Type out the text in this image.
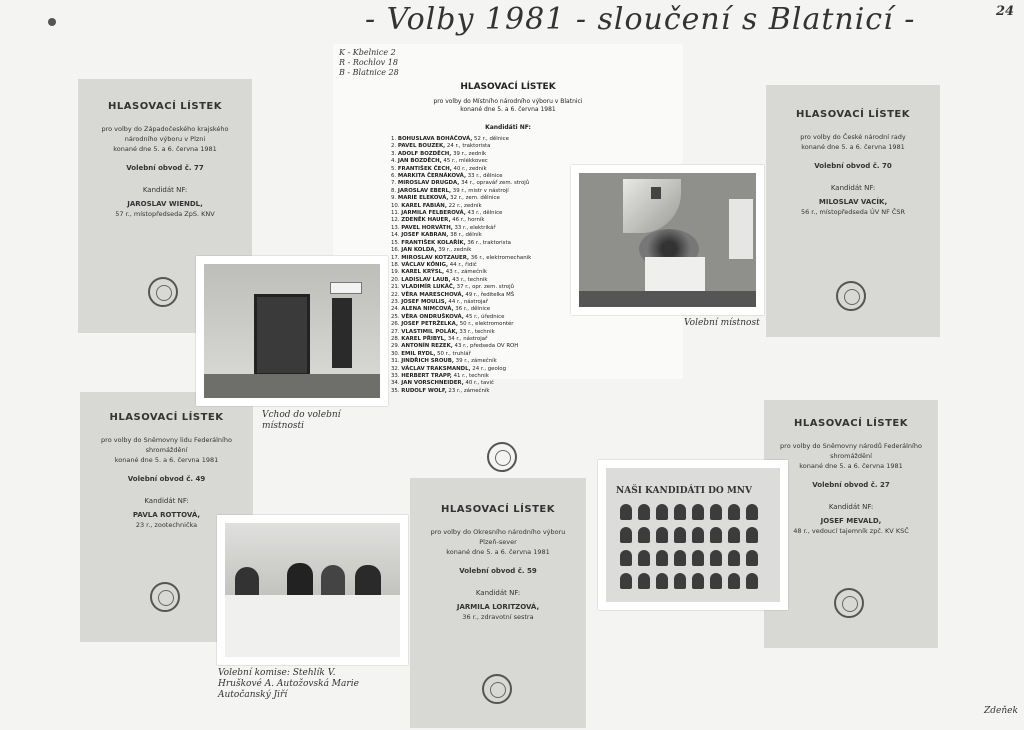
- Volby 1981 - sloučení s Blatnicí -	24
K - Kbelnice 2
R - Rochlov 18
B - Blatnice 28
HLASOVACÍ LÍSTEK
pro volby do Místního národního výboru v Blatnici
konané dne 5. a 6. června 1981
Kandidáti NF:
1. BOHUSLAVA BOHÁČOVÁ, 52 r., dělnice
2. PAVEL BOUZEK, 24 r., traktorista
3. ADOLF BOZDĚCH, 39 r., zedník
4. JAN BOZDĚCH, 45 r., mlékkovec
5. FRANTIŠEK ČECH, 40 r., zedník
6. MARKITA ČERNÁKOVÁ, 33 r., dělnice
7. MIROSLAV DRUGDA, 34 r., opravář zem. strojů
8. JAROSLAV EBERL, 39 r., mistr v nástrojí
9. MARIE ELEKOVÁ, 32 r., zem. dělnice
10. KAREL FABIÁN, 22 r., zedník
11. JARMILA FELBEROVÁ, 43 r., dělnice
12. ZDENĚK HAUER, 46 r., horník
13. PAVEL HORVÁTH, 33 r., elektrikář
14. JOSEF KABRAN, 38 r., dělník
15. FRANTIŠEK KOLAŘÍK, 36 r., traktorista
16. JAN KOLDA, 39 r., zedník
17. MIROSLAV KOTZAUER, 36 r., elektromechanik
18. VÁCLAV KÖNIG, 44 r., řidič
19. KAREL KRÝSL, 43 r., zámečník
20. LADISLAV LAUB, 43 r., technik
21. VLADIMÍR LUKÁČ, 37 r., opr. zem. strojů
22. VĚRA MARESCHOVÁ, 49 r., ředitelka MŠ
23. JOSEF MOULIS, 44 r., nástrojař
24. ALENA NIMCOVÁ, 36 r., dělnice
25. VĚRA ONDRUŠKOVÁ, 45 r., úřednice
26. JOSEF PETRŽELKA, 50 r., elektromontér
27. VLASTIMIL POLÁK, 33 r., technik
28. KAREL PŘIBYL, 34 r., nástrojař
29. ANTONÍN REZEK, 43 r., předseda OV ROH
30. EMIL RYDL, 50 r., truhlář
31. JINDŘICH SROUB, 39 r., zámečník
32. VÁCLAV TRAKSMANDL, 24 r., geolog
33. HERBERT TRAPP, 41 r., technik
34. JAN VORSCHNEIDER, 40 r., tavič
35. RUDOLF WOLF, 23 r., zámečník
HLASOVACÍ LÍSTEK
pro volby do Západočeského krajského národního výboru v Plzni
konané dne 5. a 6. června 1981
Volební obvod č. 77
Kandidát NF:
JAROSLAV WIENDL,
57 r., místopředseda ZpS. KNV
HLASOVACÍ LÍSTEK
pro volby do České národní rady
konané dne 5. a 6. června 1981
Volební obvod č. 70
Kandidát NF:
MILOSLAV VACÍK,
56 r., místopředseda ÚV NF ČSR
HLASOVACÍ LÍSTEK
pro volby do Sněmovny lidu Federálního shromáždění
konané dne 5. a 6. června 1981
Volební obvod č. 49
Kandidát NF:
PAVLA ROTTOVÁ,
23 r., zootechnička
HLASOVACÍ LÍSTEK
pro volby do Okresního národního výboru Plzeň-sever
konané dne 5. a 6. června 1981
Volební obvod č. 59
Kandidát NF:
JARMILA LORITZOVÁ,
36 r., zdravotní sestra
HLASOVACÍ LÍSTEK
pro volby do Sněmovny národů Federálního shromáždění
konané dne 5. a 6. června 1981
Volební obvod č. 27
Kandidát NF:
JOSEF MEVALD,
48 r., vedoucí tajemník zpč. KV KSČ
Vchod do volební místnosti
Volební místnost
Volební komise: Stehlík V. Hruškové A. Autožovská Marie Autočanský Jiří
NAŠI KANDIDÁTI DO MNV
Zdeňek
